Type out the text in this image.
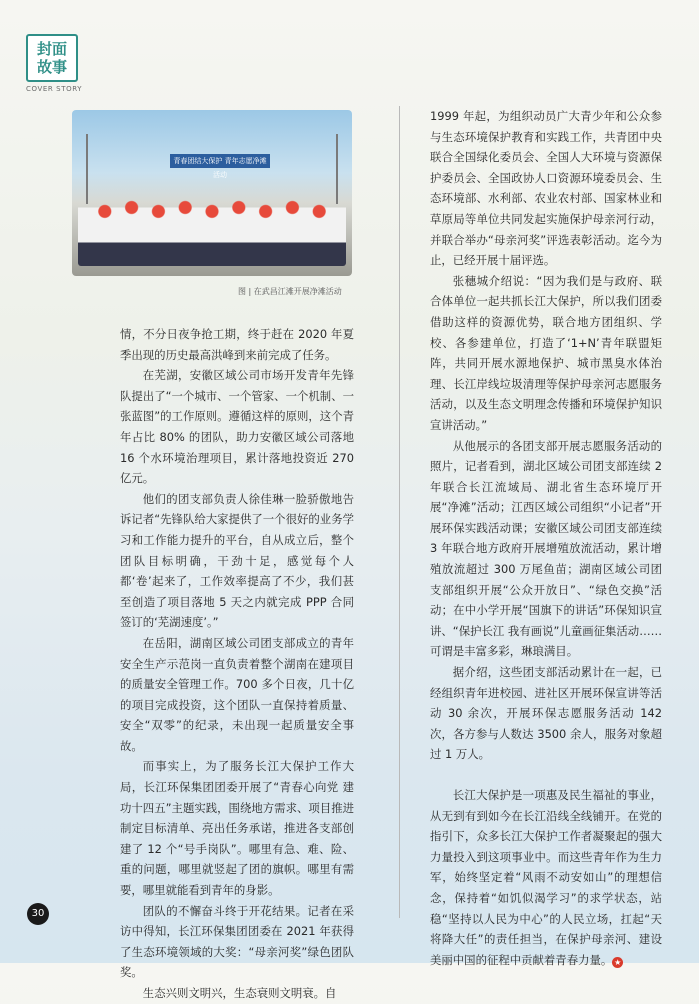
封面
故事
COVER STORY
青春团结大保护 青年志愿净滩活动
图 | 在武昌江滩开展净滩活动

情，不分日夜争抢工期，终于赶在 2020 年夏季出现的历史最高洪峰到来前完成了任务。

在芜湖，安徽区域公司市场开发青年先锋队提出了“一个城市、一个管家、一个机制、一张蓝图”的工作原则。遵循这样的原则，这个青年占比 80% 的团队，助力安徽区域公司落地 16 个水环境治理项目，累计落地投资近 270 亿元。

他们的团支部负责人徐佳琳一脸骄傲地告诉记者“先锋队给大家提供了一个很好的业务学习和工作能力提升的平台，自从成立后，整个团队目标明确，干劲十足，感觉每个人都‘卷’起来了，工作效率提高了不少，我们甚至创造了项目落地 5 天之内就完成 PPP 合同签订的‘芜湖速度’。”

在岳阳，湖南区域公司团支部成立的青年安全生产示范岗一直负责着整个湖南在建项目的质量安全管理工作。700 多个日夜，几十亿的项目完成投资，这个团队一直保持着质量、安全“双零”的纪录，未出现一起质量安全事故。

而事实上，为了服务长江大保护工作大局，长江环保集团团委开展了“青春心向党 建功十四五”主题实践，围绕地方需求、项目推进制定目标清单、亮出任务承诺，推进各支部创建了 12 个“号手岗队”。哪里有急、难、险、重的问题，哪里就竖起了团的旗帜。哪里有需要，哪里就能看到青年的身影。

团队的不懈奋斗终于开花结果。记者在采访中得知，长江环保集团团委在 2021 年获得了生态环境领域的大奖：“母亲河奖”绿色团队奖。

生态兴则文明兴，生态衰则文明衰。自

1999 年起，为组织动员广大青少年和公众参与生态环境保护教育和实践工作，共青团中央联合全国绿化委员会、全国人大环境与资源保护委员会、全国政协人口资源环境委员会、生态环境部、水利部、农业农村部、国家林业和草原局等单位共同发起实施保护母亲河行动，并联合举办“母亲河奖”评选表彰活动。迄今为止，已经开展十届评选。

张穗城介绍说：“因为我们是与政府、联合体单位一起共抓长江大保护，所以我们团委借助这样的资源优势，联合地方团组织、学校、各参建单位，打造了‘1+N’青年联盟矩阵，共同开展水源地保护、城市黑臭水体治理、长江岸线垃圾清理等保护母亲河志愿服务活动，以及生态文明理念传播和环境保护知识宣讲活动。”

从他展示的各团支部开展志愿服务活动的照片，记者看到，湖北区域公司团支部连续 2 年联合长江流域局、湖北省生态环境厅开展“净滩”活动；江西区域公司组织“小记者”开展环保实践活动课；安徽区域公司团支部连续 3 年联合地方政府开展增殖放流活动，累计增殖放流超过 300 万尾鱼苗；湖南区域公司团支部组织开展“公众开放日”、“绿色交换”活动；在中小学开展“国旗下的讲话”环保知识宣讲、“保护长江 我有画说”儿童画征集活动……可谓是丰富多彩，琳琅满目。

据介绍，这些团支部活动累计在一起，已经组织青年进校园、进社区开展环保宣讲等活动 30 余次，开展环保志愿服务活动 142 次，各方参与人数达 3500 余人，服务对象超过 1 万人。

长江大保护是一项惠及民生福祉的事业，从无到有到如今在长江沿线全线铺开。在党的指引下，众多长江大保护工作者凝聚起的强大力量投入到这项事业中。而这些青年作为生力军，始终坚定着“风雨不动安如山”的理想信念，保持着“如饥似渴学习”的求学状态，站稳“坚持以人民为中心”的人民立场，扛起“天将降大任”的责任担当，在保护母亲河、建设美丽中国的征程中贡献着青春力量。 ★

30
